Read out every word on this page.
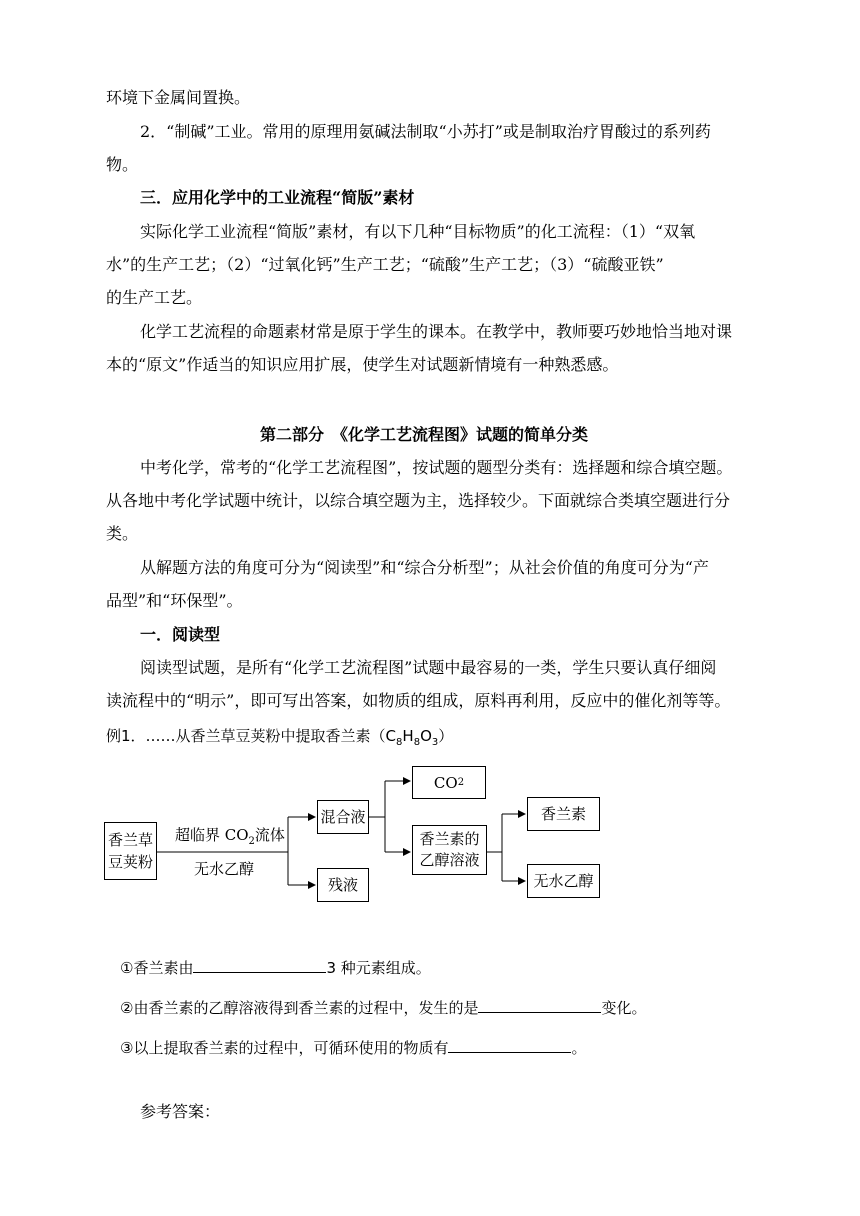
环境下金属间置换。
2．“制碱”工业。常用的原理用氨碱法制取“小苏打”或是制取治疗胃酸过的系列药
物。
三．应用化学中的工业流程“简版”素材
实际化学工业流程“简版”素材，有以下几种“目标物质”的化工流程：（1）“双氧
水”的生产工艺；（2）“过氧化钙”生产工艺；“硫酸”生产工艺；（3）“硫酸亚铁”
的生产工艺。
化学工艺流程的命题素材常是原于学生的课本。在教学中，教师要巧妙地恰当地对课
本的“原文”作适当的知识应用扩展，使学生对试题新情境有一种熟悉感。
第二部分　《化学工艺流程图》试题的简单分类
中考化学，常考的“化学工艺流程图”，按试题的题型分类有：选择题和综合填空题。
从各地中考化学试题中统计，以综合填空题为主，选择较少。下面就综合类填空题进行分
类。
从解题方法的角度可分为“阅读型”和“综合分析型”；从社会价值的角度可分为“产
品型”和“环保型”。
一．阅读型
阅读型试题，是所有“化学工艺流程图”试题中最容易的一类，学生只要认真仔细阅
读流程中的“明示”，即可写出答案，如物质的组成，原料再利用，反应中的催化剂等等。
例1．……从香兰草豆荚粉中提取香兰素$(C_8H_8O_3)$
香兰草
豆荚粉
超临界 $CO_2$流体
无水乙醇
混合液
残液
CO 2
香兰素的
乙醇溶液
香兰素
无水乙醇
①香兰素由	3 种元素组成。
②由香兰素的乙醇溶液得到香兰素的过程中，发生的是	变化。
③以上提取香兰素的过程中，可循环使用的物质有	。
参考答案：
